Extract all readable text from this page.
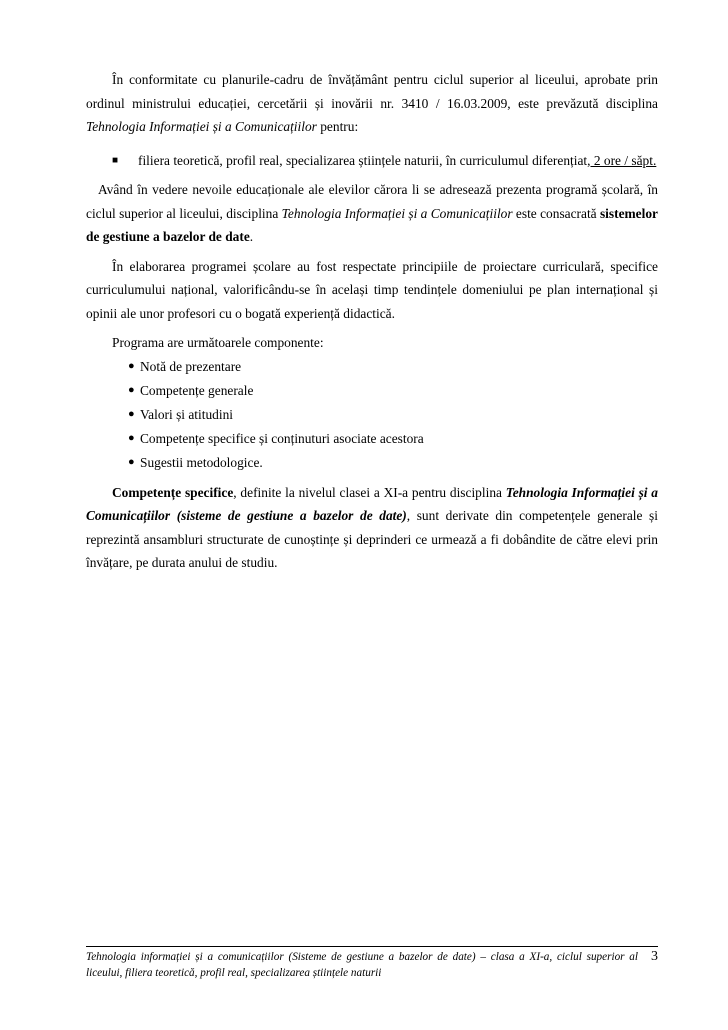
În conformitate cu planurile-cadru de învățământ pentru ciclul superior al liceului, aprobate prin ordinul ministrului educației, cercetării și inovării nr. 3410 / 16.03.2009, este prevăzută disciplina Tehnologia Informației și a Comunicațiilor pentru:

■	filiera teoretică, profil real, specializarea științele naturii, în curriculumul diferențiat, 2 ore / săpt.

Având în vedere nevoile educaționale ale elevilor cărora li se adresează prezenta programă școlară, în ciclul superior al liceului, disciplina Tehnologia Informației și a Comunicațiilor este consacrată sistemelor de gestiune a bazelor de date.

În elaborarea programei școlare au fost respectate principiile de proiectare curriculară, specifice curriculumului național, valorificându-se în același timp tendințele domeniului pe plan internațional și opinii ale unor profesori cu o bogată experiență didactică.

Programa are următoarele componente:

● Notă de prezentare
● Competențe generale
● Valori și atitudini
● Competențe specifice și conținuturi asociate acestora
● Sugestii metodologice.

Competențe specifice, definite la nivelul clasei a XI-a pentru disciplina Tehnologia Informației și a Comunicațiilor (sisteme de gestiune a bazelor de date), sunt derivate din competențele generale și reprezintă ansambluri structurate de cunoștințe și deprinderi ce urmează a fi dobândite de către elevi prin învățare, pe durata anului de studiu.

Tehnologia informației și a comunicațiilor (Sisteme de gestiune a bazelor de date) – clasa a XI-a, ciclul superior al liceului, filiera teoretică, profil real, specializarea științele naturii
3
